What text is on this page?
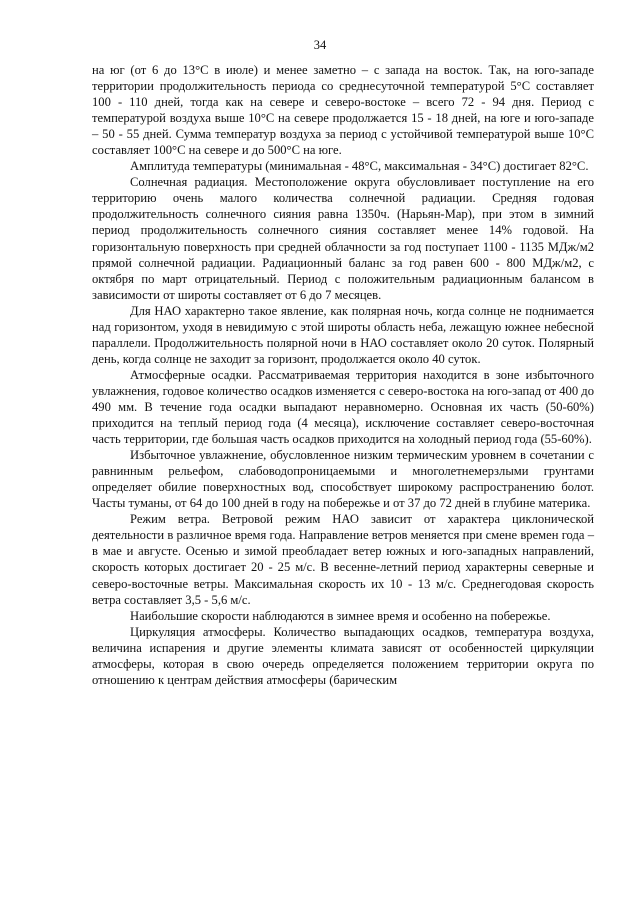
34

на юг (от 6 до 13°С в июле) и менее заметно – с запада на восток. Так, на юго-западе территории продолжительность периода со среднесуточной температурой 5°С составляет 100 - 110 дней, тогда как на севере и северо-востоке – всего 72 - 94 дня. Период с температурой воздуха выше 10°С на севере продолжается 15 - 18 дней, на юге и юго-западе – 50 - 55 дней. Сумма температур воздуха за период с устойчивой температурой выше 10°С составляет 100°С на севере и до 500°С на юге.

Амплитуда температуры (минимальная - 48°С, максимальная - 34°С) достигает 82°С.

Солнечная радиация. Местоположение округа обусловливает поступление на его территорию очень малого количества солнечной радиации. Средняя годовая продолжительность солнечного сияния равна 1350ч. (Нарьян-Мар), при этом в зимний период продолжительность солнечного сияния составляет менее 14% годовой. На горизонтальную поверхность при средней облачности за год поступает 1100 - 1135 МДж/м2 прямой солнечной радиации. Радиационный баланс за год равен 600 - 800 МДж/м2, с октября по март отрицательный. Период с положительным радиационным балансом в зависимости от широты составляет от 6 до 7 месяцев.

Для НАО характерно такое явление, как полярная ночь, когда солнце не поднимается над горизонтом, уходя в невидимую с этой широты область неба, лежащую южнее небесной параллели. Продолжительность полярной ночи в НАО составляет около 20 суток. Полярный день, когда солнце не заходит за горизонт, продолжается около 40 суток.

Атмосферные осадки. Рассматриваемая территория находится в зоне избыточного увлажнения, годовое количество осадков изменяется с северо-востока на юго-запад от 400 до 490 мм. В течение года осадки выпадают неравномерно. Основная их часть (50-60%) приходится на теплый период года (4 месяца), исключение составляет северо-восточная часть территории, где большая часть осадков приходится на холодный период года (55-60%).

Избыточное увлажнение, обусловленное низким термическим уровнем в сочетании с равнинным рельефом, слабоводопроницаемыми и многолетнемерзлыми грунтами определяет обилие поверхностных вод, способствует широкому распространению болот. Часты туманы, от 64 до 100 дней в году на побережье и от 37 до 72 дней в глубине материка.

Режим ветра. Ветровой режим НАО зависит от характера циклонической деятельности в различное время года. Направление ветров меняется при смене времен года – в мае и августе. Осенью и зимой преобладает ветер южных и юго-западных направлений, скорость которых достигает 20 - 25 м/с. В весенне-летний период характерны северные и северо-восточные ветры. Максимальная скорость их 10 - 13 м/с. Среднегодовая скорость ветра составляет 3,5 - 5,6 м/с.

Наибольшие скорости наблюдаются в зимнее время и особенно на побережье.

Циркуляция атмосферы. Количество выпадающих осадков, температура воздуха, величина испарения и другие элементы климата зависят от особенностей циркуляции атмосферы, которая в свою очередь определяется положением территории округа по отношению к центрам действия атмосферы (барическим
